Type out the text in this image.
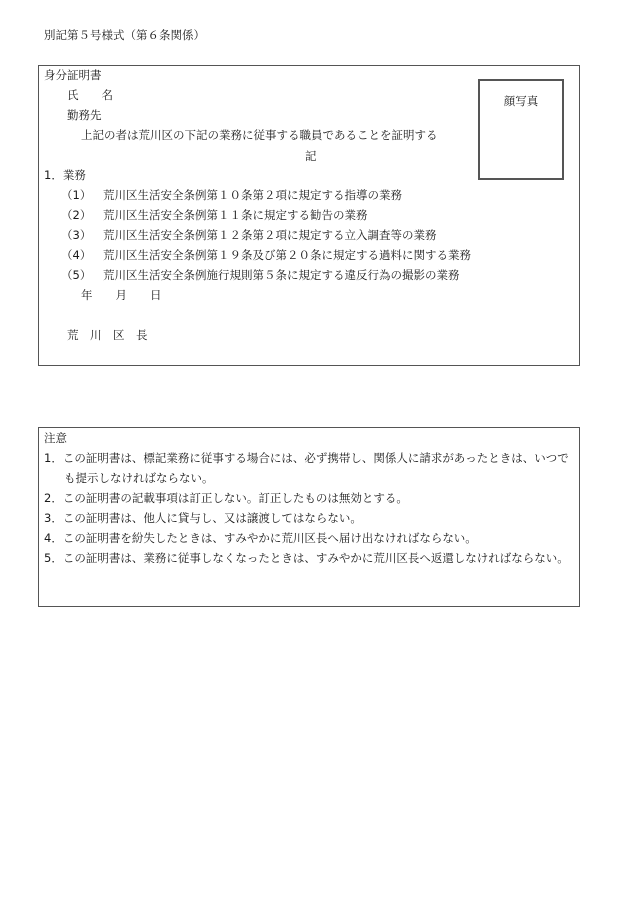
別記第５号様式（第６条関係）
身分証明書
氏　　名
勤務先
上記の者は荒川区の下記の業務に従事する職員であることを証明する
記
1．業務
（1） 荒川区生活安全条例第１０条第２項に規定する指導の業務
（2） 荒川区生活安全条例第１１条に規定する勧告の業務
（3） 荒川区生活安全条例第１２条第２項に規定する立入調査等の業務
（4） 荒川区生活安全条例第１９条及び第２０条に規定する過料に関する業務
（5） 荒川区生活安全条例施行規則第５条に規定する違反行為の撮影の業務
年　　月　　日
荒　川　区　長
顔写真
注意
1．この証明書は、標記業務に従事する場合には、必ず携帯し、関係人に請求があったときは、いつで
も提示しなければならない。
2．この証明書の記載事項は訂正しない。訂正したものは無効とする。
3．この証明書は、他人に貸与し、又は譲渡してはならない。
4．この証明書を紛失したときは、すみやかに荒川区長へ届け出なければならない。
5．この証明書は、業務に従事しなくなったときは、すみやかに荒川区長へ返還しなければならない。
